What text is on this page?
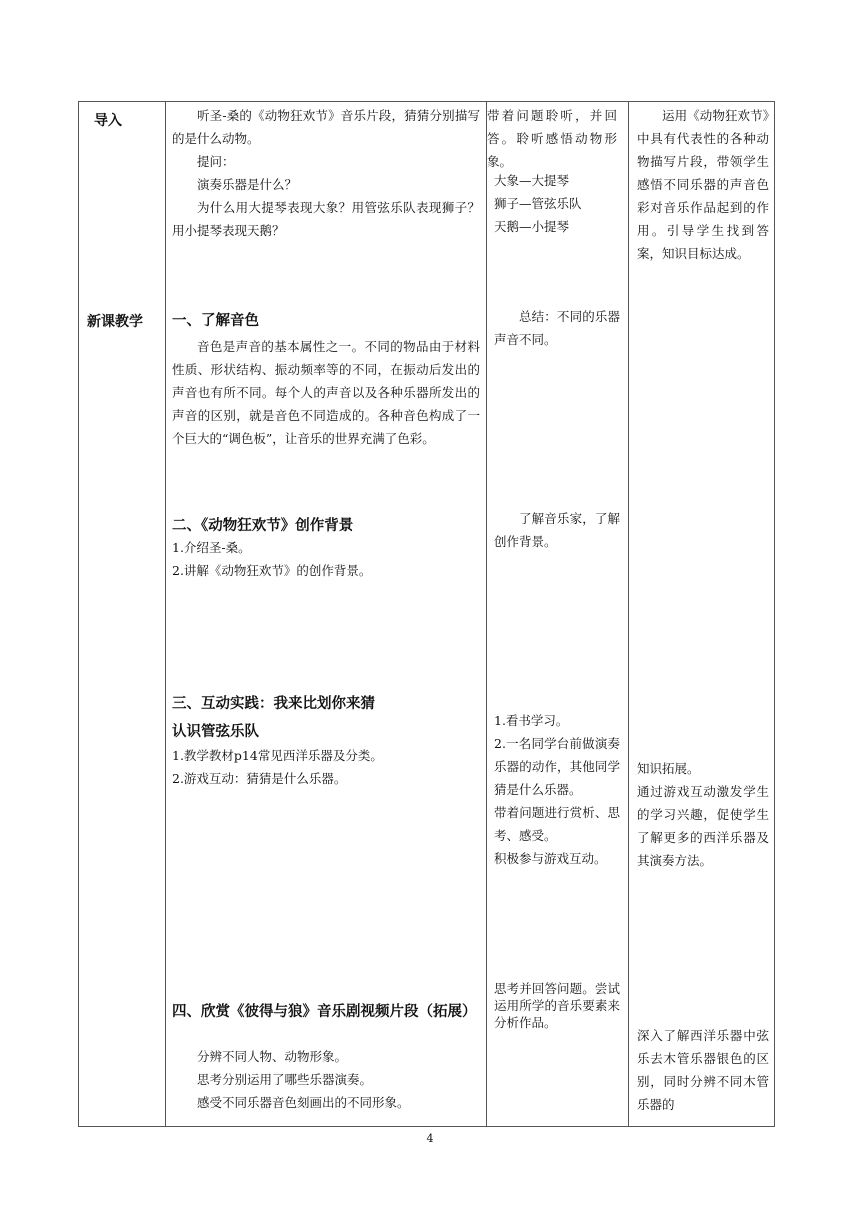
导入
新课教学

听圣-桑的《动物狂欢节》音乐片段，猜猜分别描写的是什么动物。

提问：

演奏乐器是什么？

为什么用大提琴表现大象？用管弦乐队表现狮子？用小提琴表现天鹅？

一、了解音色

音色是声音的基本属性之一。不同的物品由于材料性质、形状结构、振动频率等的不同，在振动后发出的声音也有所不同。每个人的声音以及各种乐器所发出的声音的区别，就是音色不同造成的。各种音色构成了一个巨大的“调色板”，让音乐的世界充满了色彩。

二、《动物狂欢节》创作背景

1.介绍圣-桑。

2.讲解《动物狂欢节》的创作背景。

三、互动实践：我来比划你来猜
认识管弦乐队

1.教学教材p14常见西洋乐器及分类。

2.游戏互动：猜猜是什么乐器。

四、欣赏《彼得与狼》音乐剧视频片段（拓展）

分辨不同人物、动物形象。

思考分别运用了哪些乐器演奏。

感受不同乐器音色刻画出的不同形象。

带着问题聆听，并回答。聆听感悟动物形象。

大象—大提琴

狮子—管弦乐队

天鹅—小提琴

总结：不同的乐器声音不同。

了解音乐家，了解创作背景。

1.看书学习。

2.一名同学台前做演奏乐器的动作，其他同学猜是什么乐器。

带着问题进行赏析、思考、感受。

积极参与游戏互动。

思考并回答问题。尝试运用所学的音乐要素来分析作品。

运用《动物狂欢节》中具有代表性的各种动物描写片段，带领学生感悟不同乐器的声音色彩对音乐作品起到的作用。引导学生找到答案，知识目标达成。

知识拓展。

通过游戏互动激发学生的学习兴趣，促使学生了解更多的西洋乐器及其演奏方法。

深入了解西洋乐器中弦乐去木管乐器银色的区别，同时分辨不同木管乐器的
4
